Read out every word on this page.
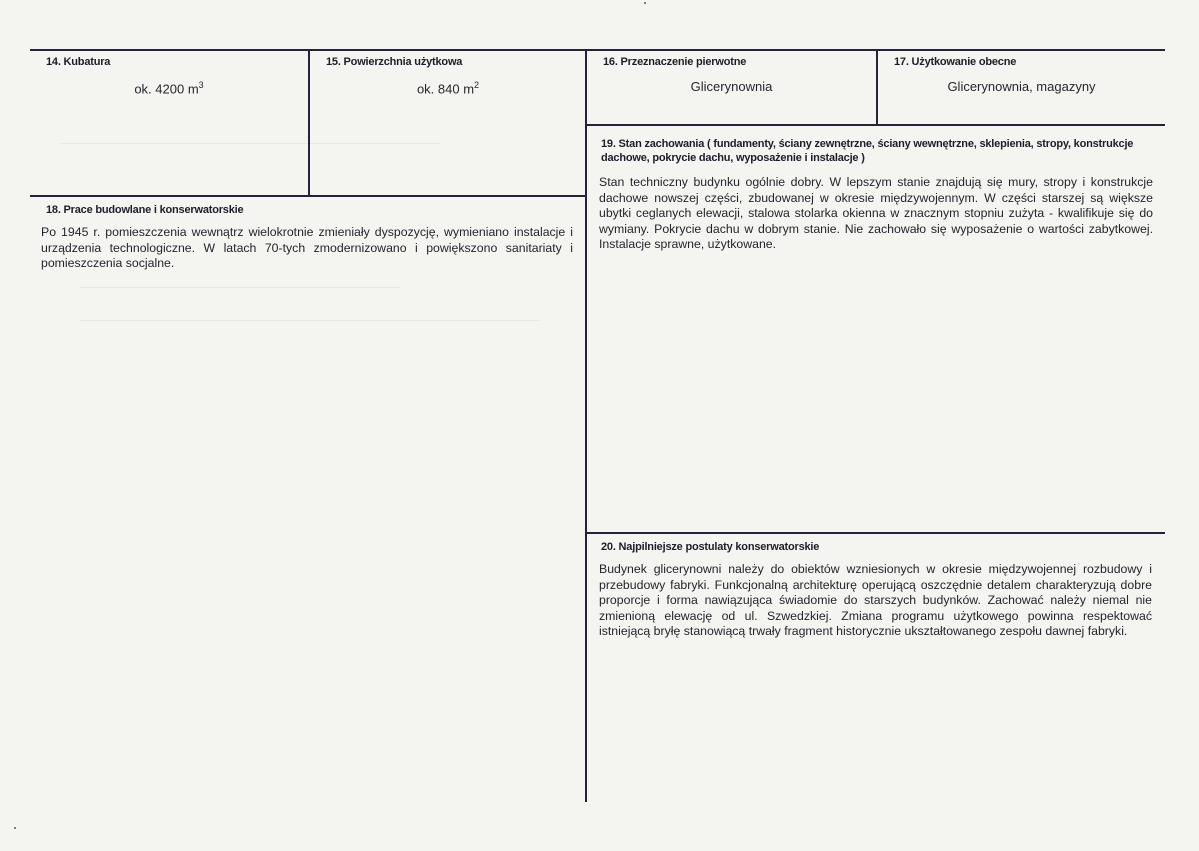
14. Kubatura
ok. 4200 $m^3$
15. Powierzchnia użytkowa
ok. 840 $m^2$
16. Przeznaczenie pierwotne
Glicerynownia
17. Użytkowanie obecne
Glicerynownia, magazyny
18. Prace budowlane i konserwatorskie
Po 1945 r. pomieszczenia wewnątrz wielokrotnie zmieniały dyspozycję, wymieniano instalacje i urządzenia technologiczne. W latach 70-tych zmodernizowano i powiększono sanitariaty i pomieszczenia socjalne.
19. Stan zachowania ( fundamenty, ściany zewnętrzne, ściany wewnętrzne, sklepienia, stropy, konstrukcje dachowe, pokrycie dachu, wyposażenie i instalacje )
Stan techniczny budynku ogólnie dobry. W lepszym stanie znajdują się mury, stropy i konstrukcje dachowe nowszej części, zbudowanej w okresie międzywojennym. W części starszej są większe ubytki ceglanych elewacji, stalowa stolarka okienna w znacznym stopniu zużyta - kwalifikuje się do wymiany. Pokrycie dachu w dobrym stanie. Nie zachowało się wyposażenie o wartości zabytkowej. Instalacje sprawne, użytkowane.
20. Najpilniejsze postulaty konserwatorskie
Budynek glicerynowni należy do obiektów wzniesionych w okresie międzywojennej rozbudowy i przebudowy fabryki. Funkcjonalną architekturę operującą oszczędnie detalem charakteryzują dobre proporcje i forma nawiązująca świadomie do starszych budynków. Zachować należy niemal nie zmienioną elewację od ul. Szwedzkiej. Zmiana programu użytkowego powinna respektować istniejącą bryłę stanowiącą trwały fragment historycznie ukształtowanego zespołu dawnej fabryki.
